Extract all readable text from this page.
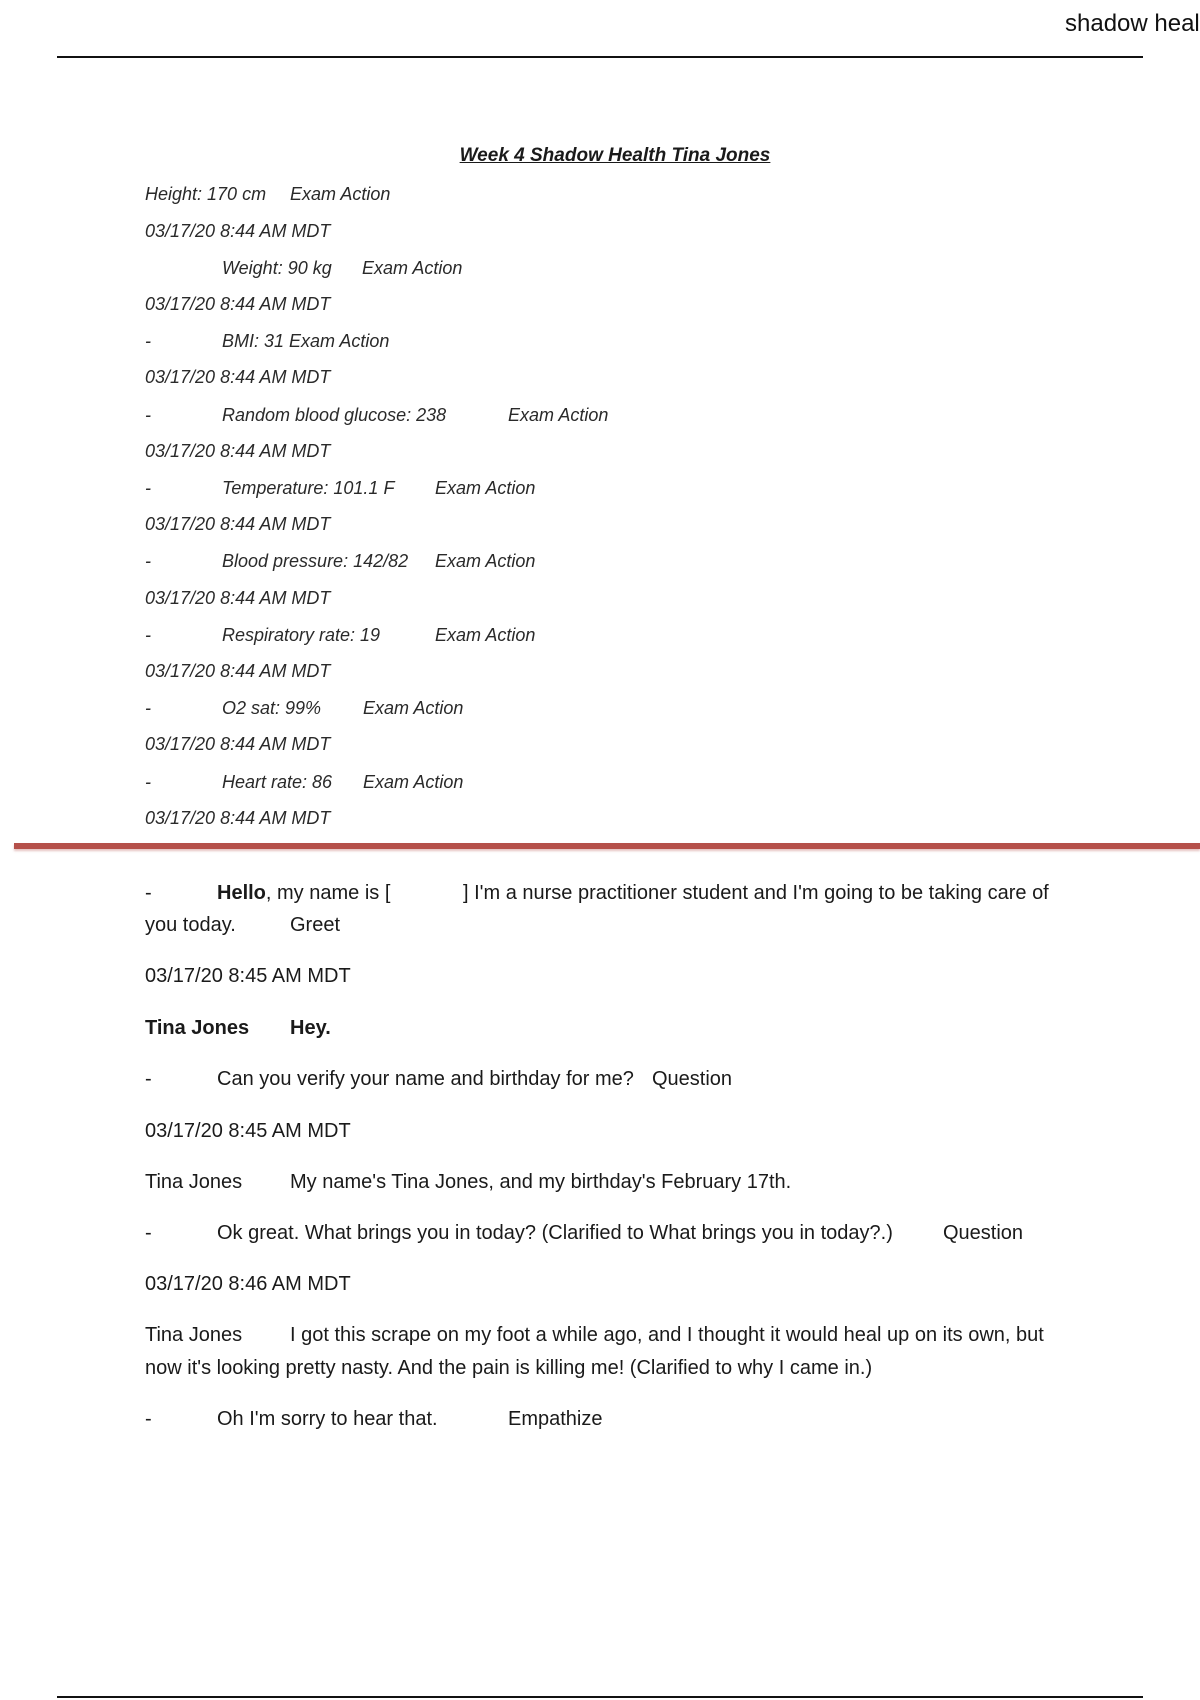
shadow heal
Week 4 Shadow Health Tina Jones
Height: 170 cm Exam Action
03/17/20 8:44 AM MDT
Weight: 90 kg Exam Action
03/17/20 8:44 AM MDT
-	BMI: 31 Exam Action
03/17/20 8:44 AM MDT
-	Random blood glucose: 238	Exam Action
03/17/20 8:44 AM MDT
-	Temperature: 101.1 F Exam Action
03/17/20 8:44 AM MDT
-	Blood pressure: 142/82 Exam Action
03/17/20 8:44 AM MDT
-	Respiratory rate: 19	Exam Action
03/17/20 8:44 AM MDT
-	O2 sat: 99% Exam Action
03/17/20 8:44 AM MDT
-	Heart rate: 86 Exam Action
03/17/20 8:44 AM MDT
-	Hello, my name is [	] I'm a nurse practitioner student and I'm going to be taking care of
you today.	Greet
03/17/20 8:45 AM MDT
Tina Jones Hey.
-	Can you verify your name and birthday for me? Question
03/17/20 8:45 AM MDT
Tina Jones My name's Tina Jones, and my birthday's February 17th.
-	Ok great. What brings you in today? (Clarified to What brings you in today?.)	Question
03/17/20 8:46 AM MDT
Tina Jones I got this scrape on my foot a while ago, and I thought it would heal up on its own, but
now it's looking pretty nasty. And the pain is killing me! (Clarified to why I came in.)
-	Oh I'm sorry to hear that.	Empathize
